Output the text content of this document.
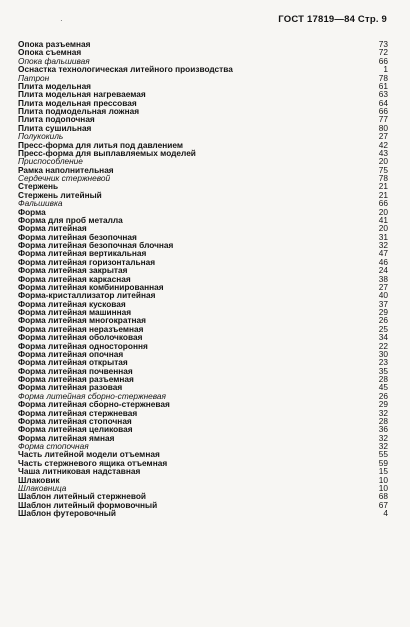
·	ГОСТ 17819—84 Стр. 9
Опока разъемная	73
Опока съемная	72
Опока фальшивая	66
Оснастка технологическая литейного производства	1
Патрон	78
Плита модельная	61
Плита модельная нагреваемая	63
Плита модельная прессовая	64
Плита подмодельная ложная	66
Плита подопочная	77
Плита сушильная	80
Полукокиль	27
Пресс-форма для литья под давлением	42
Пресс-форма для выплавляемых моделей	43
Приспособление	20
Рамка наполнительная	75
Сердечник стержневой	78
Стержень	21
Стержень литейный	21
Фальшивка	66
Форма	20
Форма для проб металла	41
Форма литейная	20
Форма литейная безопочная	31
Форма литейная безопочная блочная	32
Форма литейная вертикальная	47
Форма литейная горизонтальная	46
Форма литейная закрытая	24
Форма литейная каркасная	38
Форма литейная комбинированная	27
Форма-кристаллизатор литейная	40
Форма литейная кусковая	37
Форма литейная машинная	29
Форма литейная многократная	26
Форма литейная неразъемная	25
Форма литейная оболочковая	34
Форма литейная одностороння	22
Форма литейная опочная	30
Форма литейная открытая	23
Форма литейная почвенная	35
Форма литейная разъемная	28
Форма литейная разовая	45
Форма литейная сборно-стержневая	26
Форма литейная сборно-стержневая	29
Форма литейная стержневая	32
Форма литейная стопочная	28
Форма литейная целиковая	36
Форма литейная ямная	32
Форма стопочная	32
Часть литейной модели отъемная	55
Часть стержневого ящика отъемная	59
Чаша литниковая надставная	15
Шлаковик	10
Шлаковница	10
Шаблон литейный стержневой	68
Шаблон литейный формовочный	67
Шаблон футеровочный	4
